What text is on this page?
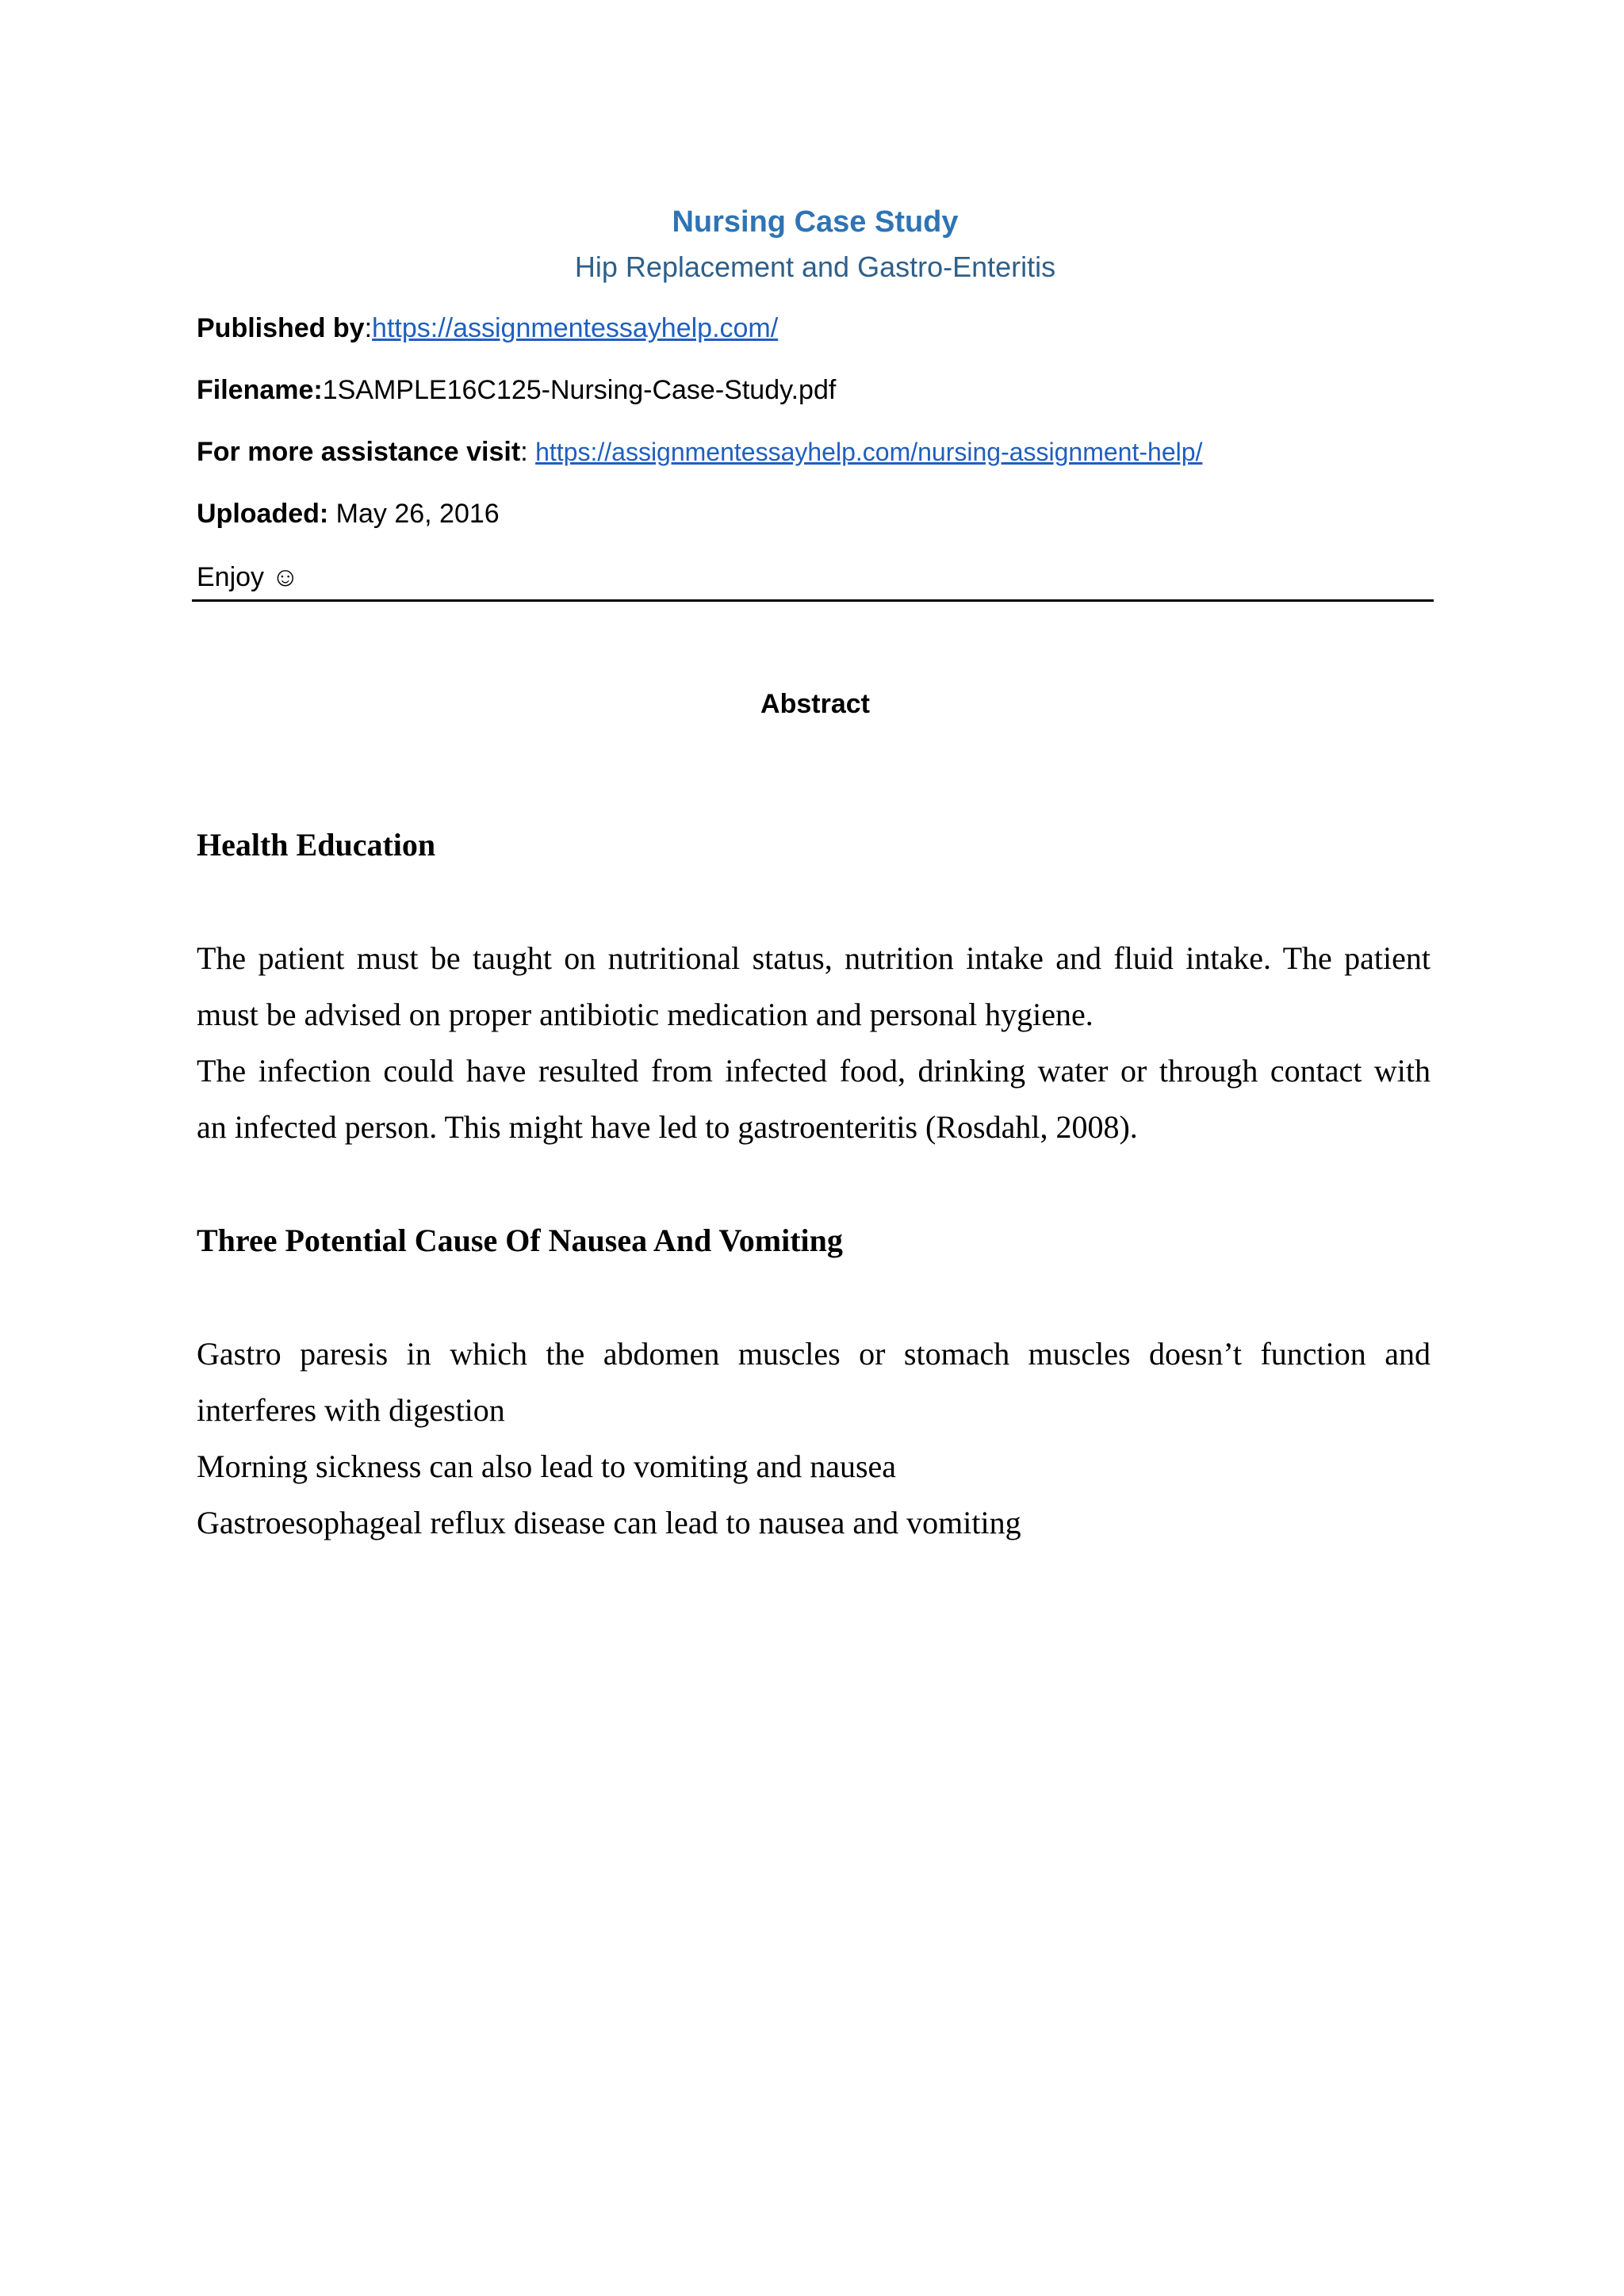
Nursing Case Study
Hip Replacement and Gastro-Enteritis
Published by:https://assignmentessayhelp.com/
Filename:1SAMPLE16C125-Nursing-Case-Study.pdf
For more assistance visit: https://assignmentessayhelp.com/nursing-assignment-help/
Uploaded: May 26, 2016
Enjoy ☺
Abstract
Health Education
The patient must be taught on nutritional status, nutrition intake and fluid intake. The patient
must be advised on proper antibiotic medication and personal hygiene.
The infection could have resulted from infected food, drinking water or through contact with
an infected person. This might have led to gastroenteritis (Rosdahl, 2008).
Three Potential Cause Of Nausea And Vomiting
Gastro paresis in which the abdomen muscles or stomach muscles doesn’t function and
interferes with digestion
Morning sickness can also lead to vomiting and nausea
Gastroesophageal reflux disease can lead to nausea and vomiting
